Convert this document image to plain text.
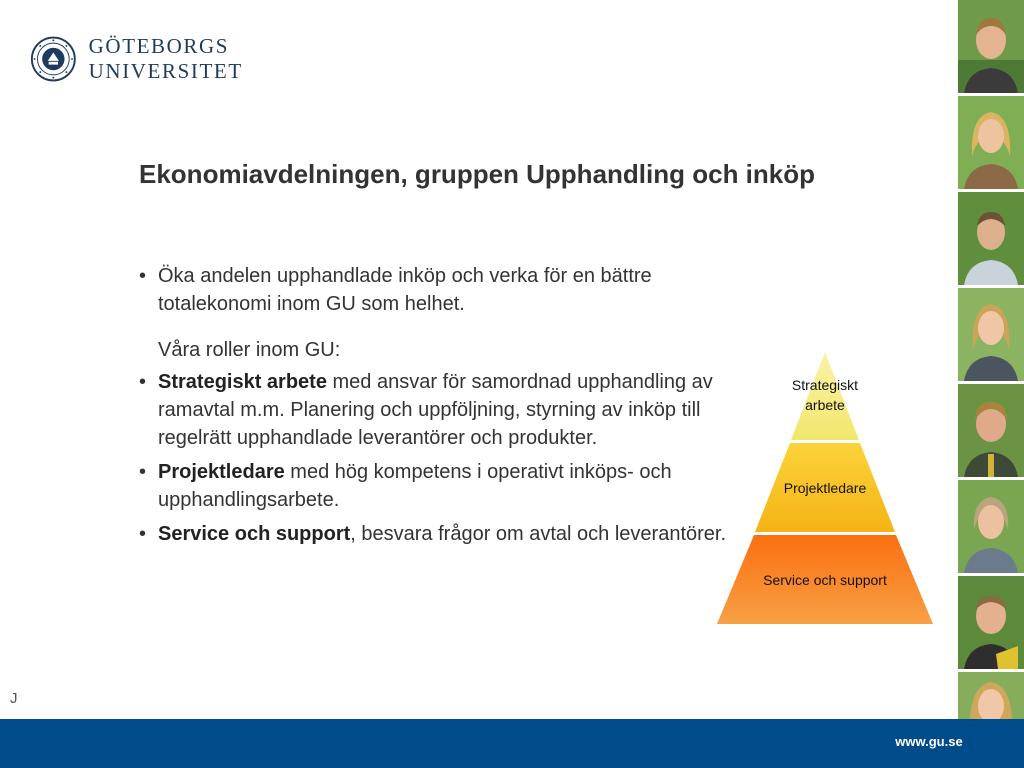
GÖTEBORGS UNIVERSITET
Ekonomiavdelningen, gruppen Upphandling och inköp
• Öka andelen upphandlade inköp och verka för en bättre totalekonomi inom GU som helhet.
Våra roller inom GU:
• Strategiskt arbete med ansvar för samordnad upphandling av ramavtal m.m. Planering och uppföljning, styrning av inköp till regelrätt upphandlade leverantörer och produkter.
• Projektledare med hög kompetens i operativt inköps- och upphandlingsarbete.
• Service och support, besvara frågor om avtal och leverantörer.
Strategiskt
arbete
Projektledare
Service och support
J
www.gu.se
